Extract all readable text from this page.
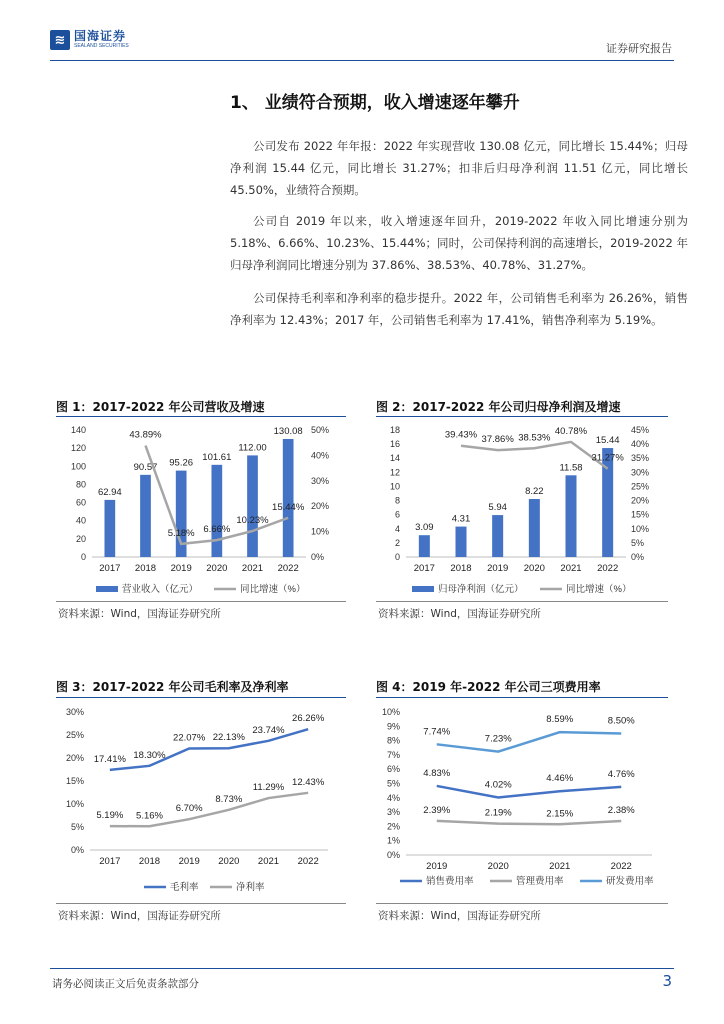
≋ 国海证券
SEALAND SECURITIES	证券研究报告
1、 业绩符合预期，收入增速逐年攀升

公司发布 2022 年年报：2022 年实现营收 130.08 亿元，同比增长 15.44%；归母净利润 15.44 亿元，同比增长 31.27%；扣非后归母净利润 11.51 亿元，同比增长 45.50%，业绩符合预期。

公司自 2019 年以来，收入增速逐年回升，2019-2022 年收入同比增速分别为 5.18%、6.66%、10.23%、15.44%；同时，公司保持利润的高速增长，2019-2022 年归母净利润同比增速分别为 37.86%、38.53%、40.78%、31.27%。

公司保持毛利率和净利率的稳步提升。2022 年，公司销售毛利率为 26.26%，销售净利率为 12.43%；2017 年，公司销售毛利率为 17.41%，销售净利率为 5.19%。

图 1：2017-2022 年公司营收及增速
0
20
40
60
80
100
120
140
0%
10%
20%
30%
40%
50%
2017 2018 2019 2020 2021 2022
62.94
90.57 95.26
101.61
112.00
130.08
43.89%
5.18% 6.66%
10.23%
15.44%
营业收入（亿元）	同比增速（%）
资料来源：Wind，国海证券研究所
图 2：2017-2022 年公司归母净利润及增速
0
2
4
6
8
10
12
14
16
18
0%
5%
10%
15%
20%
25%
30%
35%
40%
45%
2017 2018 2019 2020 2021 2022
3.09
4.31
5.94
8.22
11.58
15.44
39.43% 37.86% 38.53%
40.78%
31.27%
归母净利润（亿元）	同比增速（%）
资料来源：Wind，国海证券研究所
图 3：2017-2022 年公司毛利率及净利率
0%
5%
10%
15%
20%
25%
30%
2017 2018 2019 2020 2021 2022
17.41% 18.30%
22.07% 22.13%
23.74%
26.26%
5.19% 5.16%
6.70%
8.73%
11.29% 12.43%
毛利率	净利率
资料来源：Wind，国海证券研究所
图 4：2019 年-2022 年公司三项费用率
0%
1%
2%
3%
4%
5%
6%
7%
8%
9%
10%
2019	2020	2021	2022
4.83%
4.02%
4.46%	4.76%
2.39%	2.19%	2.15%	2.38%
7.74%
7.23%
8.59%	8.50%
销售费用率	管理费用率	研发费用率
资料来源：Wind，国海证券研究所
请务必阅读正文后免责条款部分	3
